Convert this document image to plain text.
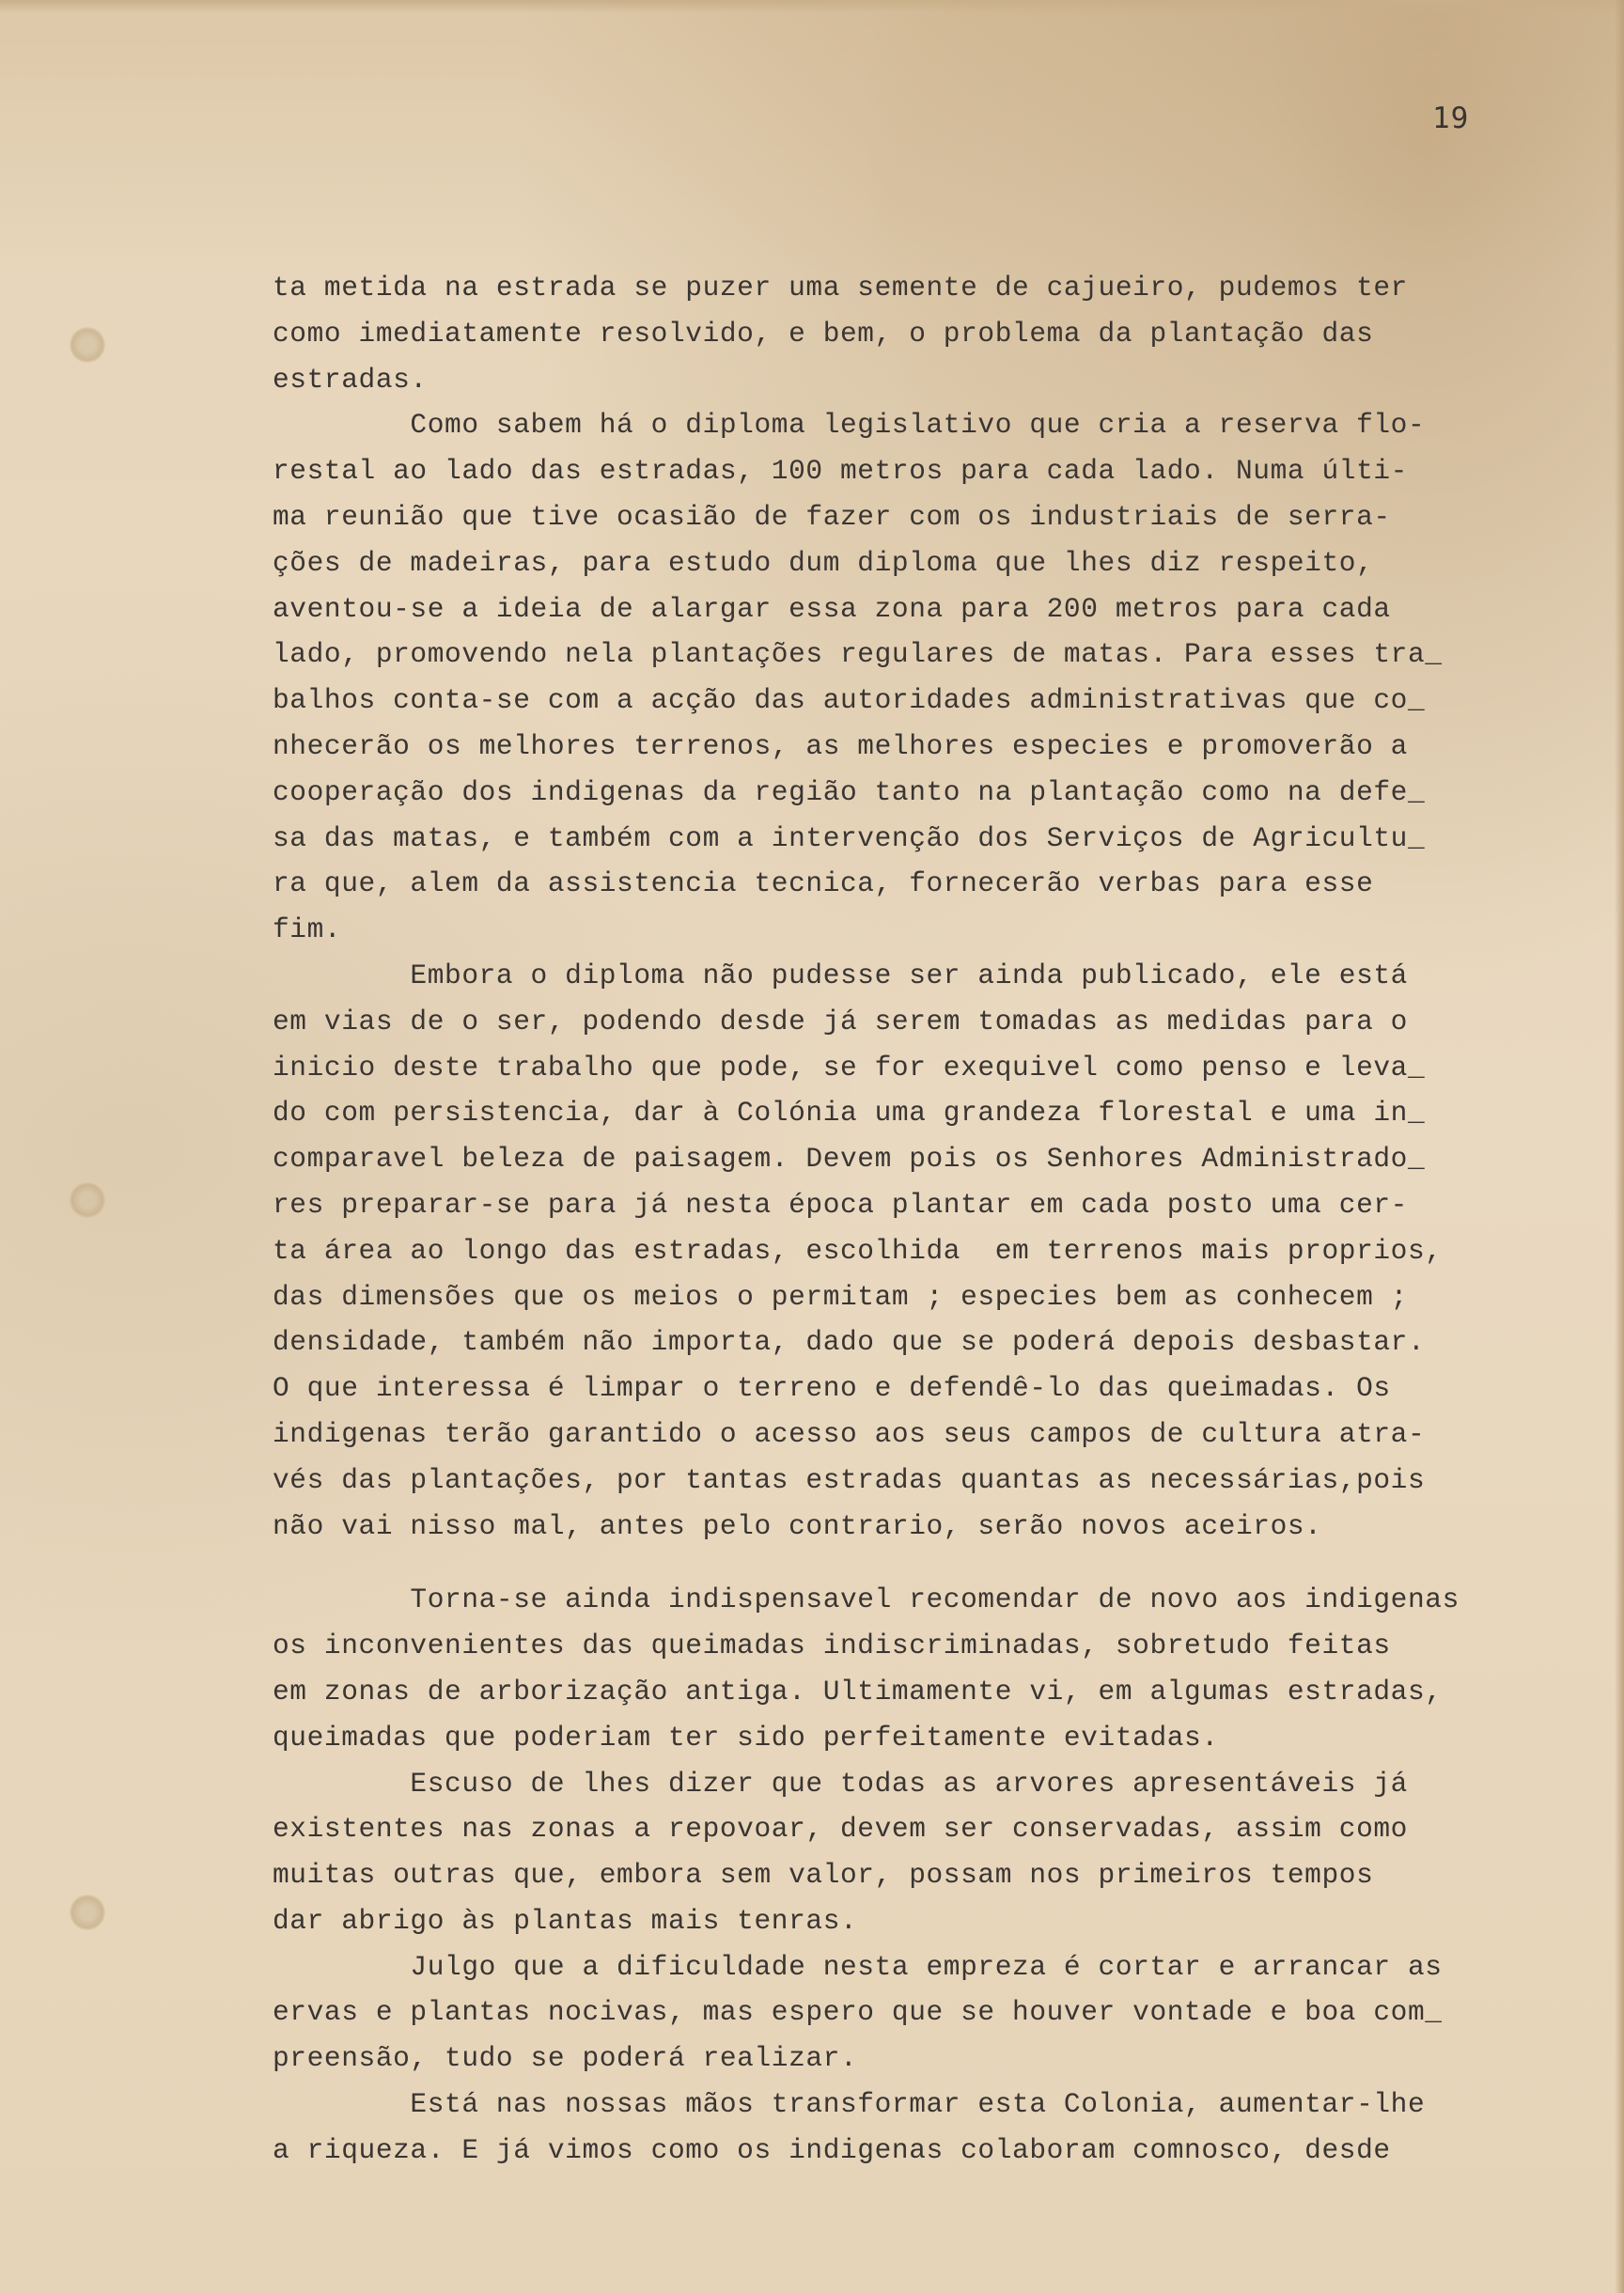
19
ta metida na estrada se puzer uma semente de cajueiro, pudemos ter
como imediatamente resolvido, e bem, o problema da plantação das
estradas.
Como sabem há o diploma legislativo que cria a reserva flo-
restal ao lado das estradas, 100 metros para cada lado. Numa últi-
ma reunião que tive ocasião de fazer com os industriais de serra-
ções de madeiras, para estudo dum diploma que lhes diz respeito,
aventou-se a ideia de alargar essa zona para 200 metros para cada
lado, promovendo nela plantações regulares de matas. Para esses tra_
balhos conta-se com a acção das autoridades administrativas que co_
nhecerão os melhores terrenos, as melhores especies e promoverão a
cooperação dos indigenas da região tanto na plantação como na defe_
sa das matas, e também com a intervenção dos Serviços de Agricultu_
ra que, alem da assistencia tecnica, fornecerão verbas para esse
fim.
Embora o diploma não pudesse ser ainda publicado, ele está
em vias de o ser, podendo desde já serem tomadas as medidas para o
inicio deste trabalho que pode, se for exequivel como penso e leva_
do com persistencia, dar à Colónia uma grandeza florestal e uma in_
comparavel beleza de paisagem. Devem pois os Senhores Administrado_
res preparar-se para já nesta época plantar em cada posto uma cer-
ta área ao longo das estradas, escolhida  em terrenos mais proprios,
das dimensões que os meios o permitam ; especies bem as conhecem ;
densidade, também não importa, dado que se poderá depois desbastar.
O que interessa é limpar o terreno e defendê-lo das queimadas. Os
indigenas terão garantido o acesso aos seus campos de cultura atra-
vés das plantações, por tantas estradas quantas as necessárias,pois
não vai nisso mal, antes pelo contrario, serão novos aceiros.
Torna-se ainda indispensavel recomendar de novo aos indigenas
os inconvenientes das queimadas indiscriminadas, sobretudo feitas
em zonas de arborização antiga. Ultimamente vi, em algumas estradas,
queimadas que poderiam ter sido perfeitamente evitadas.
Escuso de lhes dizer que todas as arvores apresentáveis já
existentes nas zonas a repovoar, devem ser conservadas, assim como
muitas outras que, embora sem valor, possam nos primeiros tempos
dar abrigo às plantas mais tenras.
Julgo que a dificuldade nesta empreza é cortar e arrancar as
ervas e plantas nocivas, mas espero que se houver vontade e boa com_
preensão, tudo se poderá realizar.
Está nas nossas mãos transformar esta Colonia, aumentar-lhe
a riqueza. E já vimos como os indigenas colaboram comnosco, desde
